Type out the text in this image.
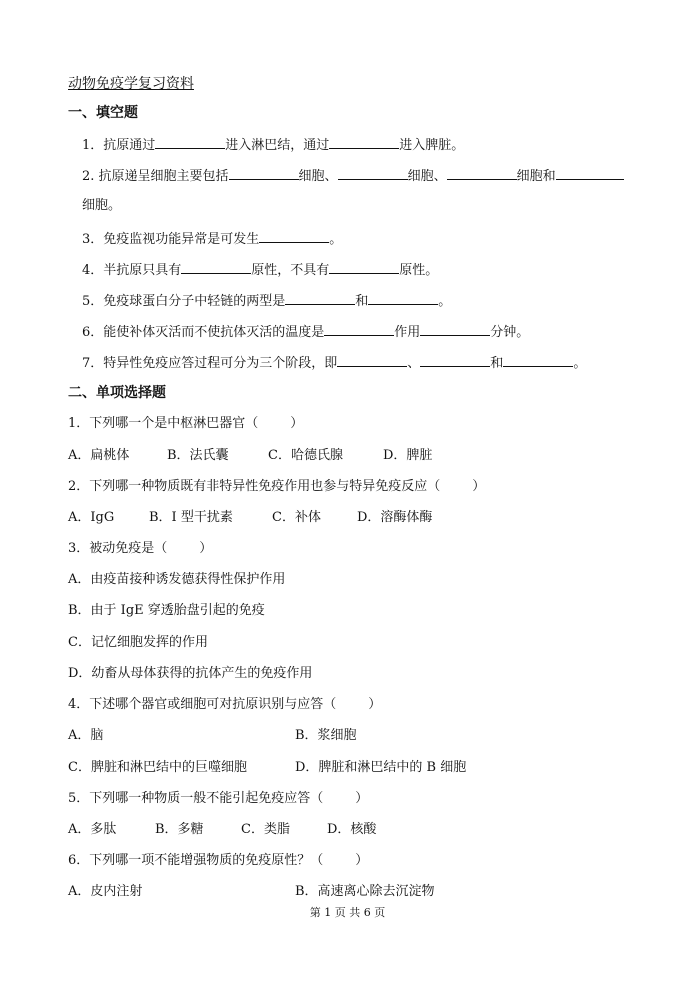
动物免疫学复习资料
一、填空题
1．抗原通过	进入淋巴结，通过	进入脾脏。
2. 抗原递呈细胞主要包括	细胞、	细胞、	细胞和
细胞。
3．免疫监视功能异常是可发生	。
4．半抗原只具有	原性，不具有	原性。
5．免疫球蛋白分子中轻链的两型是	和	。
6．能使补体灭活而不使抗体灭活的温度是	作用	分钟。
7．特异性免疫应答过程可分为三个阶段，即	、	和	。
二、单项选择题
1．下列哪一个是中枢淋巴器官（ ）
A．扁桃体	B．法氏囊	C．哈德氏腺	D．脾脏
2．下列哪一种物质既有非特异性免疫作用也参与特异免疫反应（ ）
A．IgG	B．I 型干扰素	C．补体	D．溶酶体酶
3．被动免疫是（ ）
A．由疫苗接种诱发德获得性保护作用
B．由于 IgE 穿透胎盘引起的免疫
C．记忆细胞发挥的作用
D．幼畜从母体获得的抗体产生的免疫作用
4．下述哪个器官或细胞可对抗原识别与应答（ ）
A．脑	B．浆细胞
C．脾脏和淋巴结中的巨噬细胞	D．脾脏和淋巴结中的 B 细胞
5．下列哪一种物质一般不能引起免疫应答（ ）
A．多肽	B．多糖	C．类脂	D．核酸
6．下列哪一项不能增强物质的免疫原性？（ ）
A．皮内注射	B．高速离心除去沉淀物
第 1 页 共 6 页
